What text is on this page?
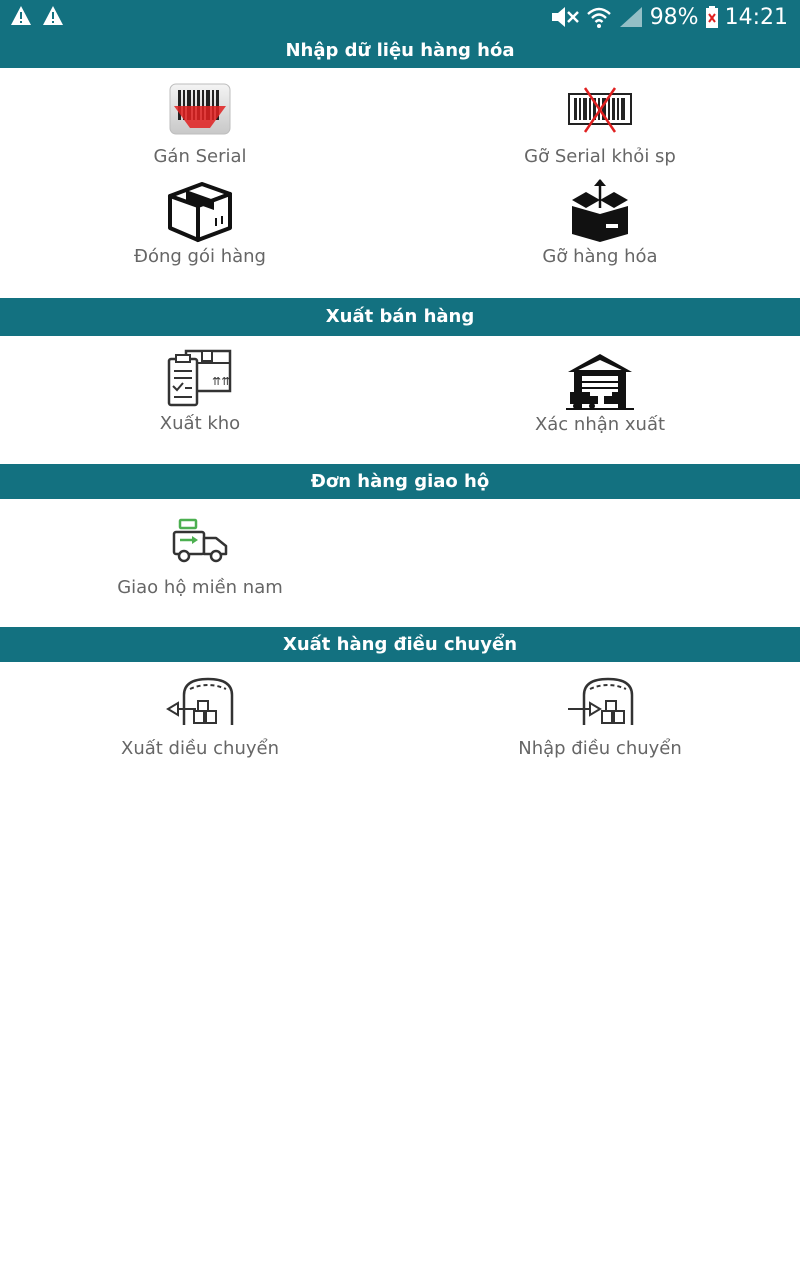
98% 14:21
Nhập dữ liệu hàng hóa
Gán Serial	Gỡ Serial khỏi sp
Đóng gói hàng	Gỡ hàng hóa
Xuất bán hàng
⇈⇈
Xuất kho	Xác nhận xuất
Đơn hàng giao hộ
Giao hộ miền nam
Xuất hàng điều chuyển
Xuất diều chuyển	Nhập điều chuyển
